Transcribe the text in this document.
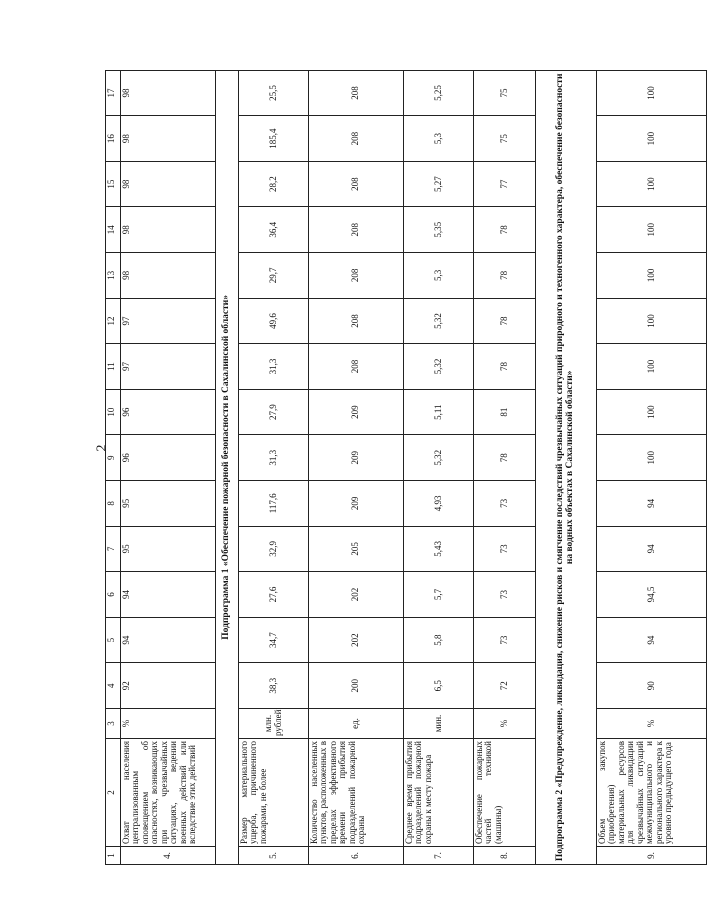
2
1	2	3	4	5	6	7	8	9	10	11	12	13	14	15	16	17
4.	Охват населения централизованным оповещением об опасностях, возникающих при чрезвычайных ситуациях, ведении военных действий или вследствие этих действий	%	92	94	94	95	95	96	96	97	97	98	98	98	98	98
Подпрограмма 1 «Обеспечение пожарной безопасности в Сахалинской области»																
5.	Размер материального ущерба, причиненного пожарами, не более	млн. рублей	38,3	34,7	27,6	32,9	117,6	31,3	27,9	31,3	49,6	29,7	36,4	28,2	185,4	25,5
6.	Количество населенных пунктов, расположенных в пределах эффективного времени прибытия подразделений пожарной охраны	ед.	200	202	202	205	209	209	209	208	208	208	208	208	208	208
7.	Среднее время прибытия подразделений пожарной охраны к месту пожара	мин.	6,5	5,8	5,7	5,43	4,93	5,32	5,11	5,32	5,32	5,3	5,35	5,27	5,3	5,25
8.	Обеспечение пожарных частей техникой (машины)	%	72	73	73	73	73	78	81	78	78	78	78	77	75	75
Подпрограмма 2 «Предупреждение, ликвидация, снижение рисков и смягчение последствий чрезвычайных ситуаций природного и техногенного характера, обеспечение безопасности на водных объектах в Сахалинской области»																
9.	Объем закупок (приобретения) материальных ресурсов для ликвидации чрезвычайных ситуаций межмуниципального и регионального характера к уровню предыдущего года	%	90	94	94,5	94	94	100	100	100	100	100	100	100	100	100
